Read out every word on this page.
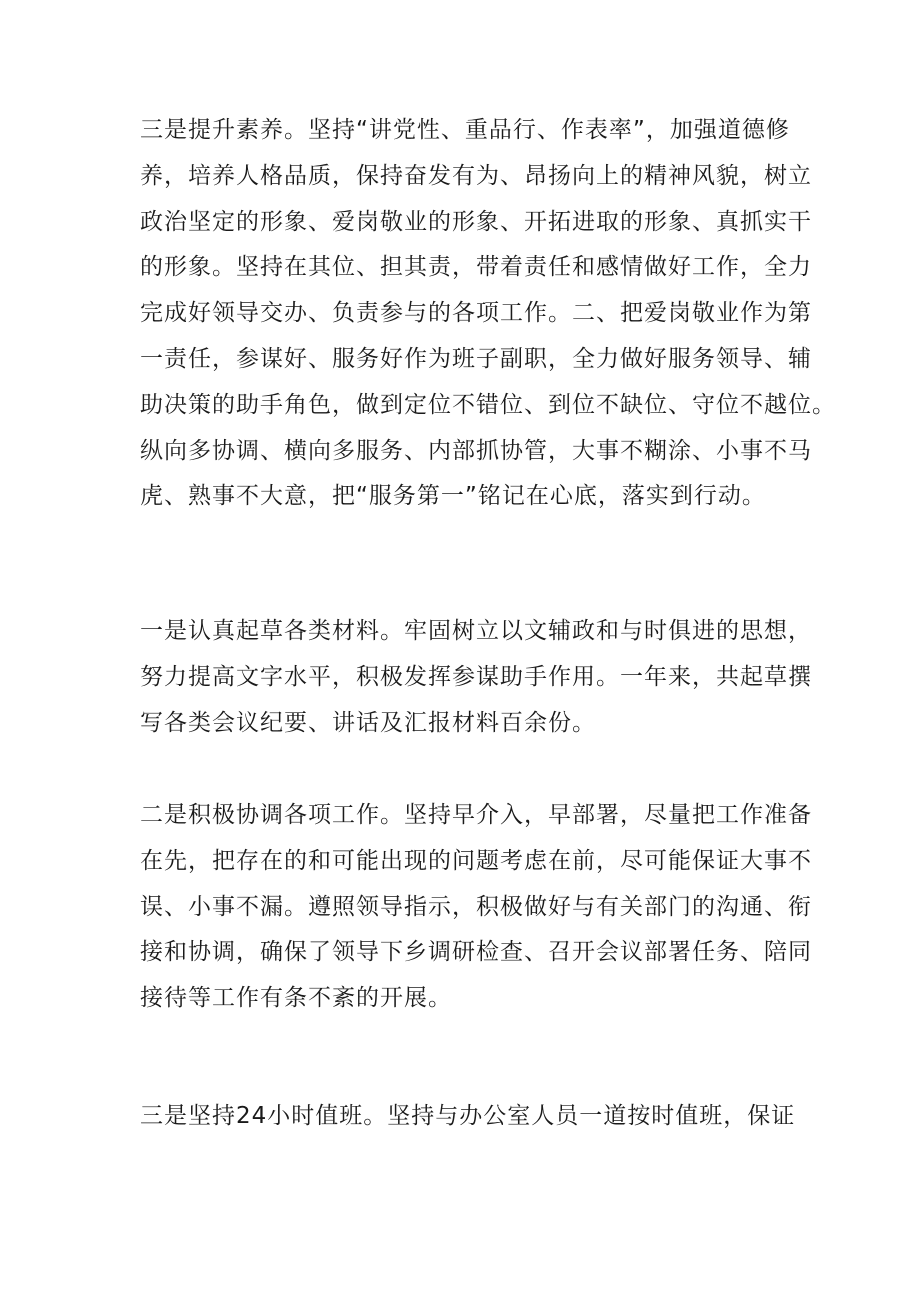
三是提升素养。坚持“讲党性、重品行、作表率”，加强道德修
养，培养人格品质，保持奋发有为、昂扬向上的精神风貌，树立
政治坚定的形象、爱岗敬业的形象、开拓进取的形象、真抓实干
的形象。坚持在其位、担其责，带着责任和感情做好工作，全力
完成好领导交办、负责参与的各项工作。二、把爱岗敬业作为第
一责任，参谋好、服务好作为班子副职，全力做好服务领导、辅
助决策的助手角色，做到定位不错位、到位不缺位、守位不越位。
纵向多协调、横向多服务、内部抓协管，大事不糊涂、小事不马
虎、熟事不大意，把“服务第一”铭记在心底，落实到行动。

一是认真起草各类材料。牢固树立以文辅政和与时俱进的思想，
努力提高文字水平，积极发挥参谋助手作用。一年来，共起草撰
写各类会议纪要、讲话及汇报材料百余份。

二是积极协调各项工作。坚持早介入，早部署，尽量把工作准备
在先，把存在的和可能出现的问题考虑在前，尽可能保证大事不
误、小事不漏。遵照领导指示，积极做好与有关部门的沟通、衔
接和协调，确保了领导下乡调研检查、召开会议部署任务、陪同
接待等工作有条不紊的开展。

三是坚持24小时值班。坚持与办公室人员一道按时值班，保证
